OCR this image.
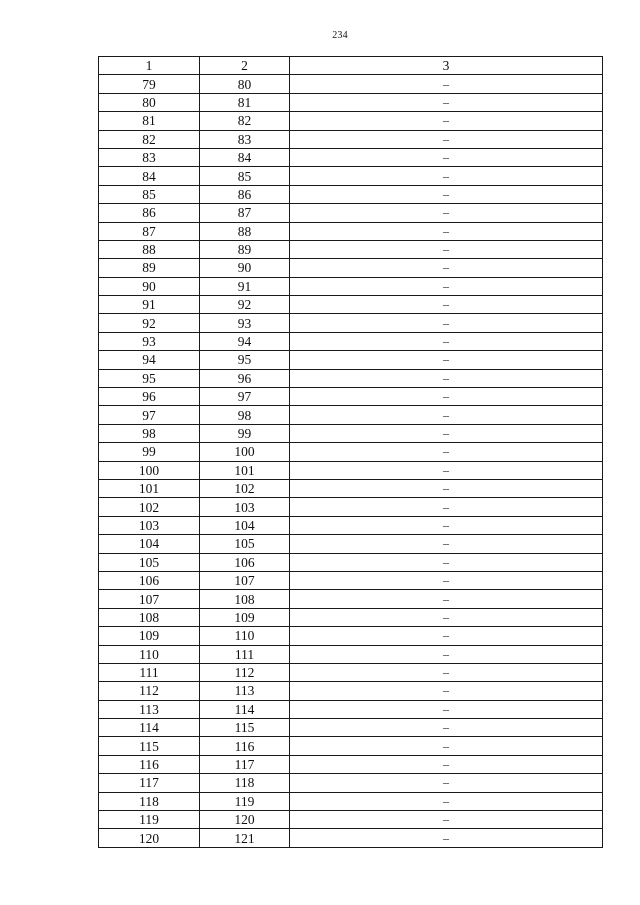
234
1	2	3
79	80	–
80	81	–
81	82	–
82	83	–
83	84	–
84	85	–
85	86	–
86	87	–
87	88	–
88	89	–
89	90	–
90	91	–
91	92	–
92	93	–
93	94	–
94	95	–
95	96	–
96	97	–
97	98	–
98	99	–
99	100	–
100	101	–
101	102	–
102	103	–
103	104	–
104	105	–
105	106	–
106	107	–
107	108	–
108	109	–
109	110	–
110	111	–
111	112	–
112	113	–
113	114	–
114	115	–
115	116	–
116	117	–
117	118	–
118	119	–
119	120	–
120	121	–
